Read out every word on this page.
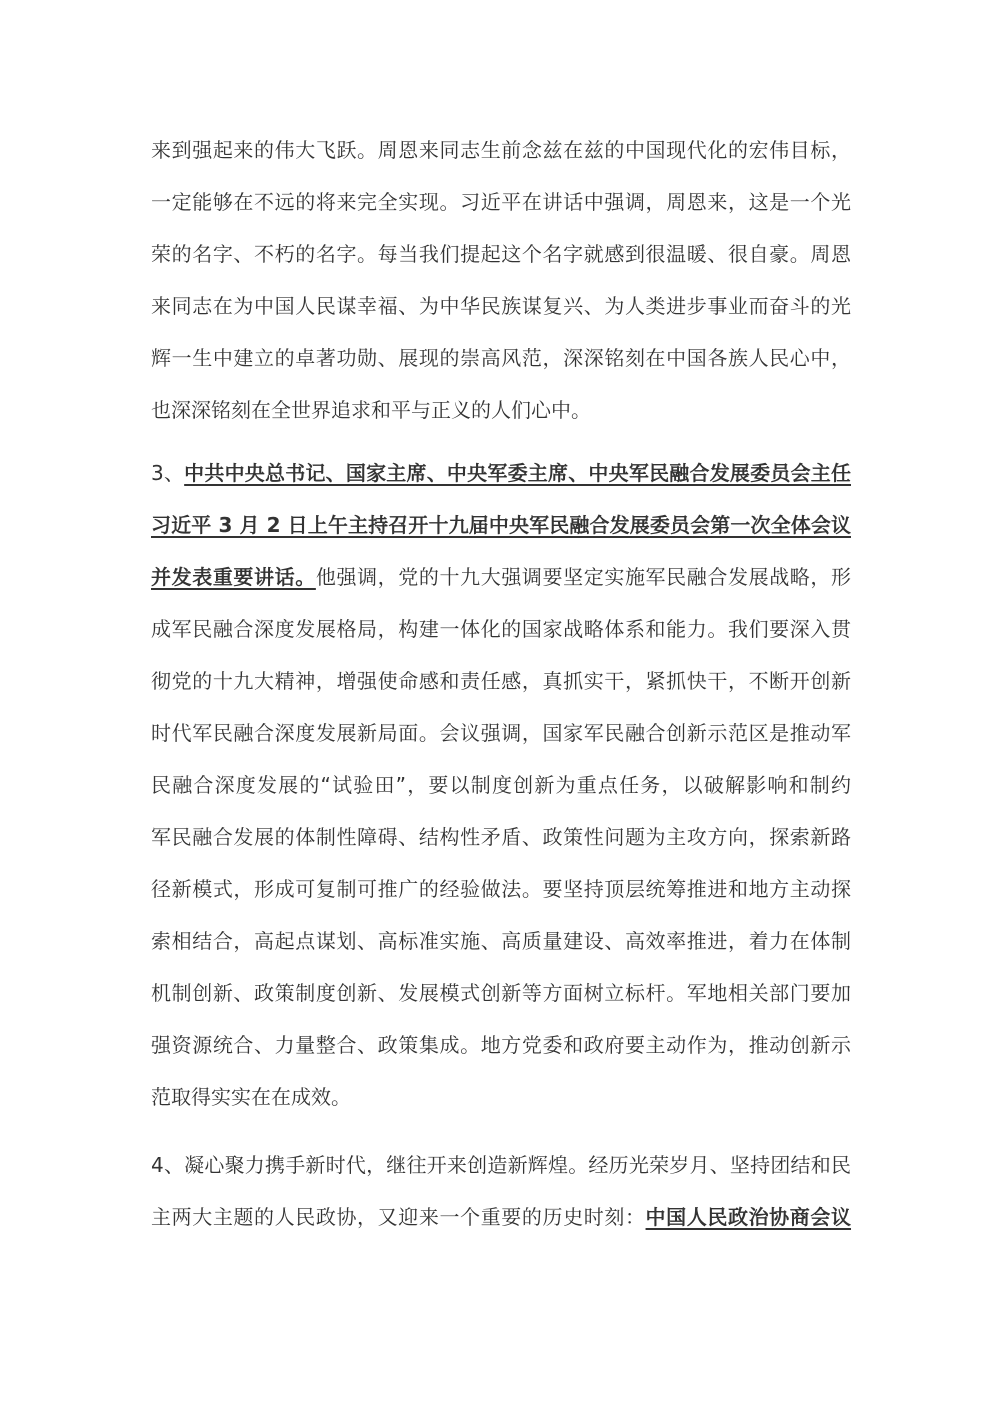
来到强起来的伟大飞跃。周恩来同志生前念兹在兹的中国现代化的宏伟目标，
一定能够在不远的将来完全实现。习近平在讲话中强调，周恩来，这是一个光
荣的名字、不朽的名字。每当我们提起这个名字就感到很温暖、很自豪。周恩
来同志在为中国人民谋幸福、为中华民族谋复兴、为人类进步事业而奋斗的光
辉一生中建立的卓著功勋、展现的崇高风范，深深铭刻在中国各族人民心中，
也深深铭刻在全世界追求和平与正义的人们心中。
3、中共中央总书记、国家主席、中央军委主席、中央军民融合发展委员会主任
习近平 3 月 2 日上午主持召开十九届中央军民融合发展委员会第一次全体会议
并发表重要讲话。他强调，党的十九大强调要坚定实施军民融合发展战略，形
成军民融合深度发展格局，构建一体化的国家战略体系和能力。我们要深入贯
彻党的十九大精神，增强使命感和责任感，真抓实干，紧抓快干，不断开创新
时代军民融合深度发展新局面。会议强调，国家军民融合创新示范区是推动军
民融合深度发展的“试验田”，要以制度创新为重点任务，以破解影响和制约
军民融合发展的体制性障碍、结构性矛盾、政策性问题为主攻方向，探索新路
径新模式，形成可复制可推广的经验做法。要坚持顶层统筹推进和地方主动探
索相结合，高起点谋划、高标准实施、高质量建设、高效率推进，着力在体制
机制创新、政策制度创新、发展模式创新等方面树立标杆。军地相关部门要加
强资源统合、力量整合、政策集成。地方党委和政府要主动作为，推动创新示
范取得实实在在成效。
4、凝心聚力携手新时代，继往开来创造新辉煌。经历光荣岁月、坚持团结和民
主两大主题的人民政协，又迎来一个重要的历史时刻：中国人民政治协商会议
